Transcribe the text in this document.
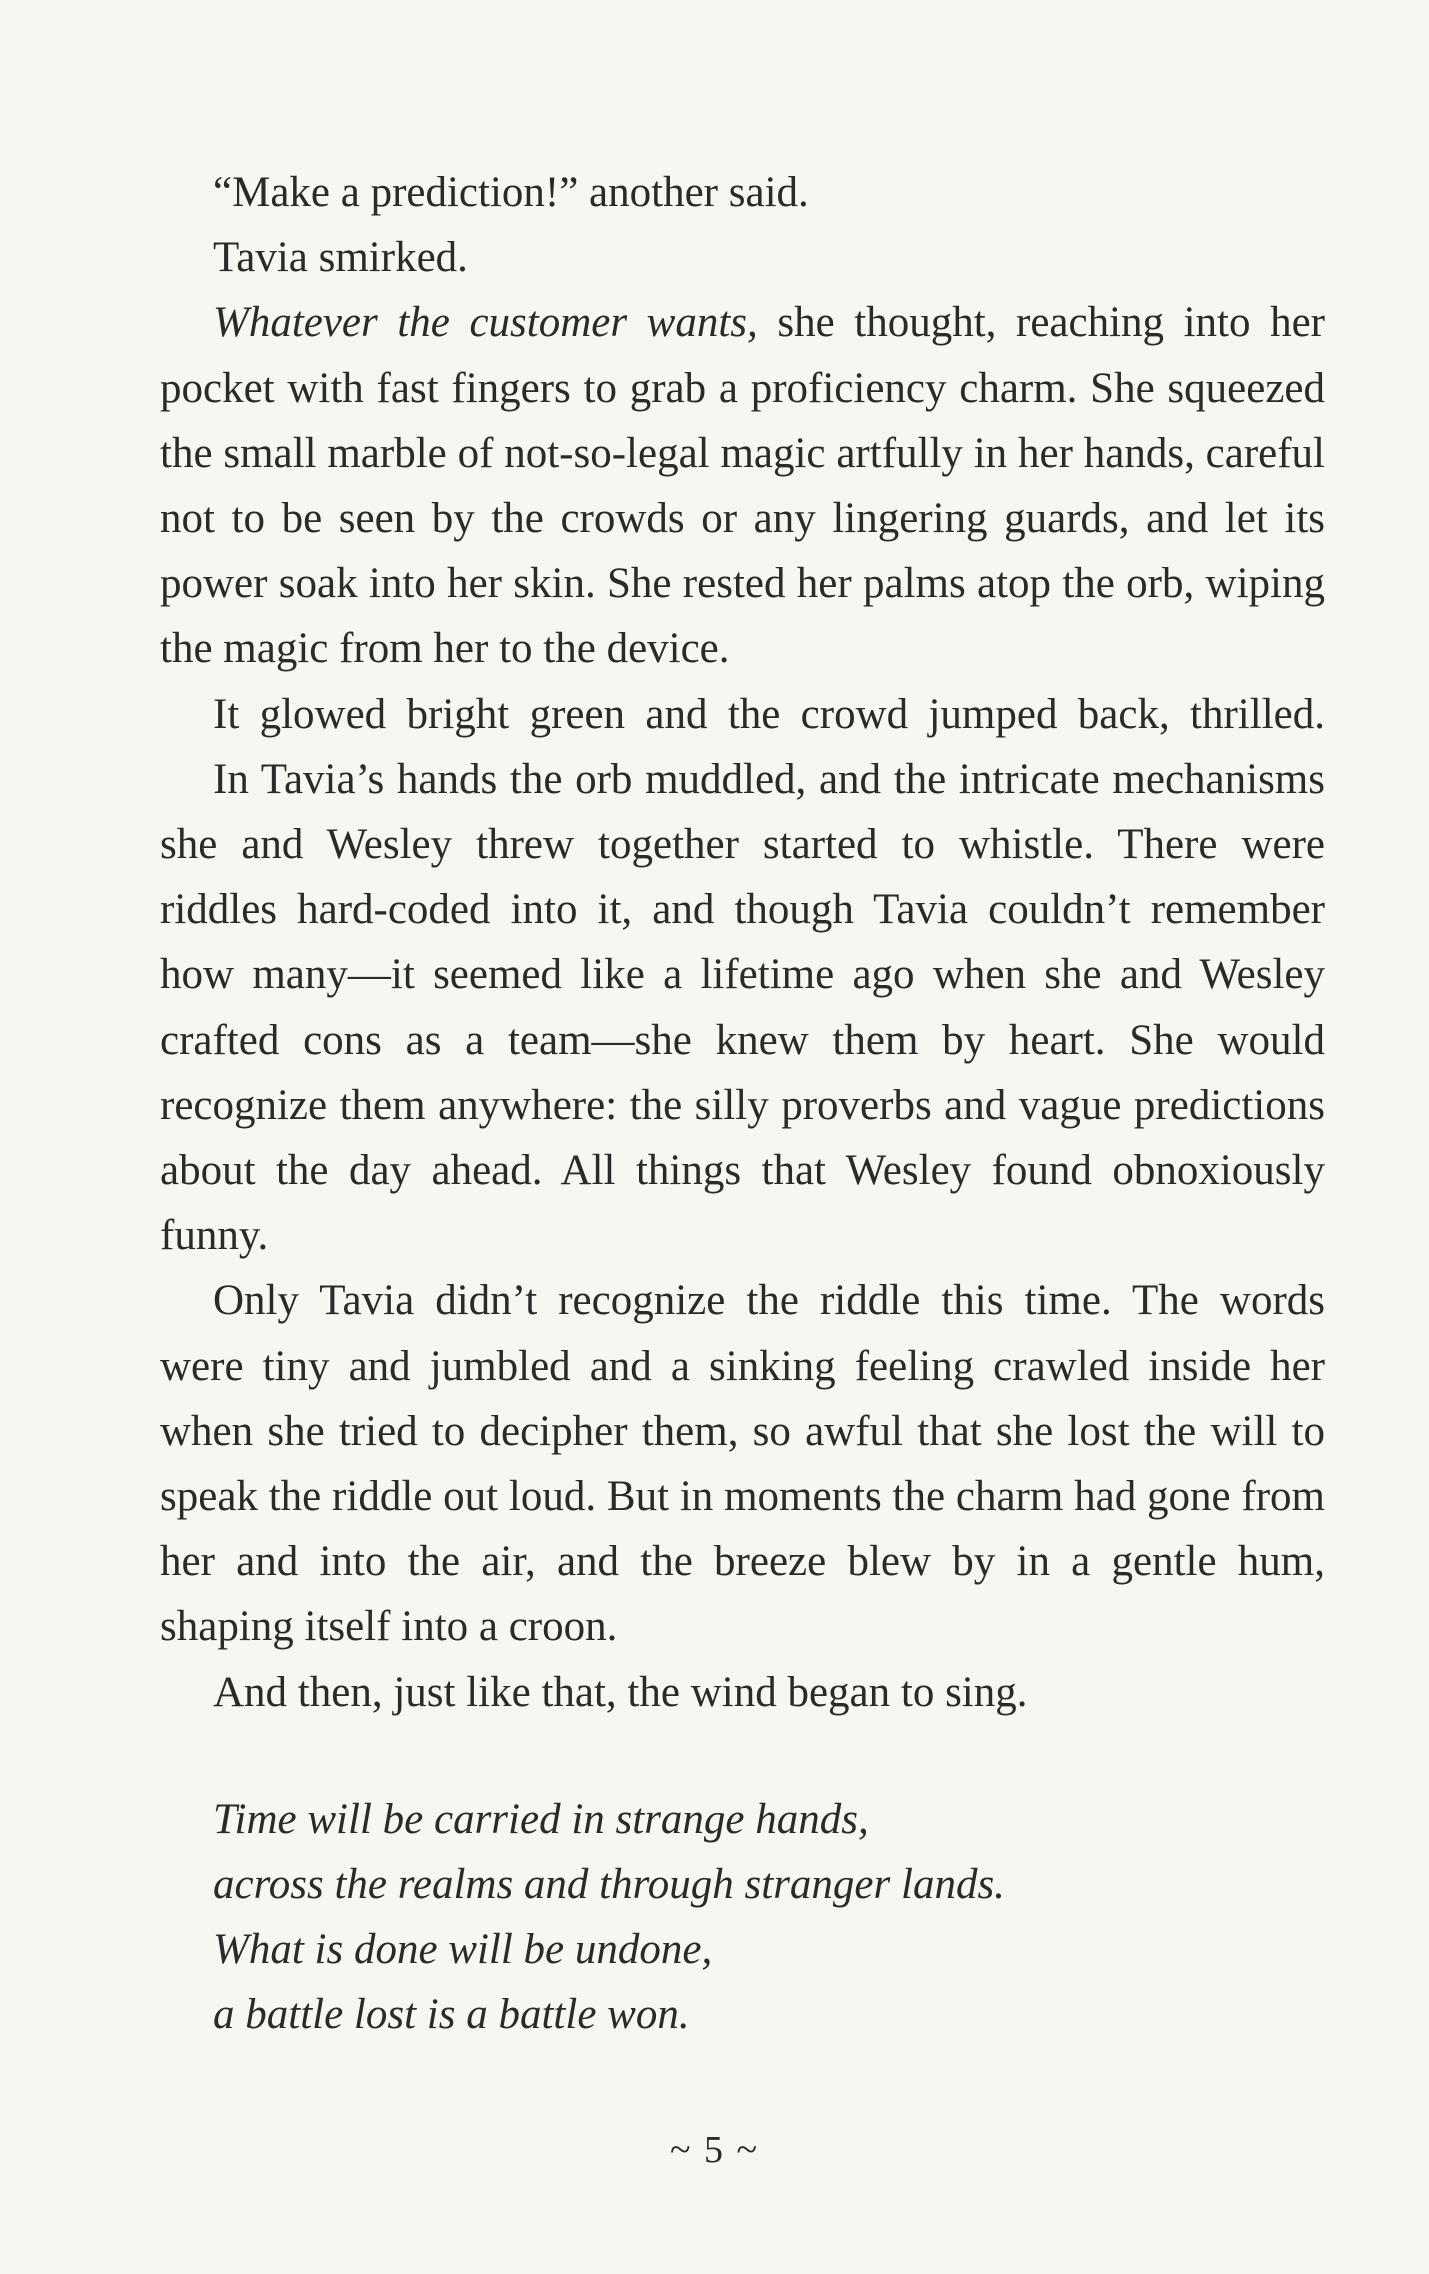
“Make a prediction!” another said.

Tavia smirked.

Whatever the customer wants, she thought, reaching into her pocket with fast fingers to grab a proficiency charm. She squeezed the small marble of not-so-legal magic artfully in her hands, careful not to be seen by the crowds or any lingering guards, and let its power soak into her skin. She rested her palms atop the orb, wiping the magic from her to the device.

It glowed bright green and the crowd jumped back, thrilled.

In Tavia’s hands the orb muddled, and the intricate mechanisms she and Wesley threw together started to whistle. There were riddles hard-coded into it, and though Tavia couldn’t remember how many—it seemed like a lifetime ago when she and Wesley crafted cons as a team—she knew them by heart. She would recognize them anywhere: the silly proverbs and vague predictions about the day ahead. All things that Wesley found obnoxiously funny.

Only Tavia didn’t recognize the riddle this time. The words were tiny and jumbled and a sinking feeling crawled inside her when she tried to decipher them, so awful that she lost the will to speak the riddle out loud. But in moments the charm had gone from her and into the air, and the breeze blew by in a gentle hum, shaping itself into a croon.

And then, just like that, the wind began to sing.

Time will be carried in strange hands,
across the realms and through stranger lands.
What is done will be undone,
a battle lost is a battle won.
~ 5 ~
